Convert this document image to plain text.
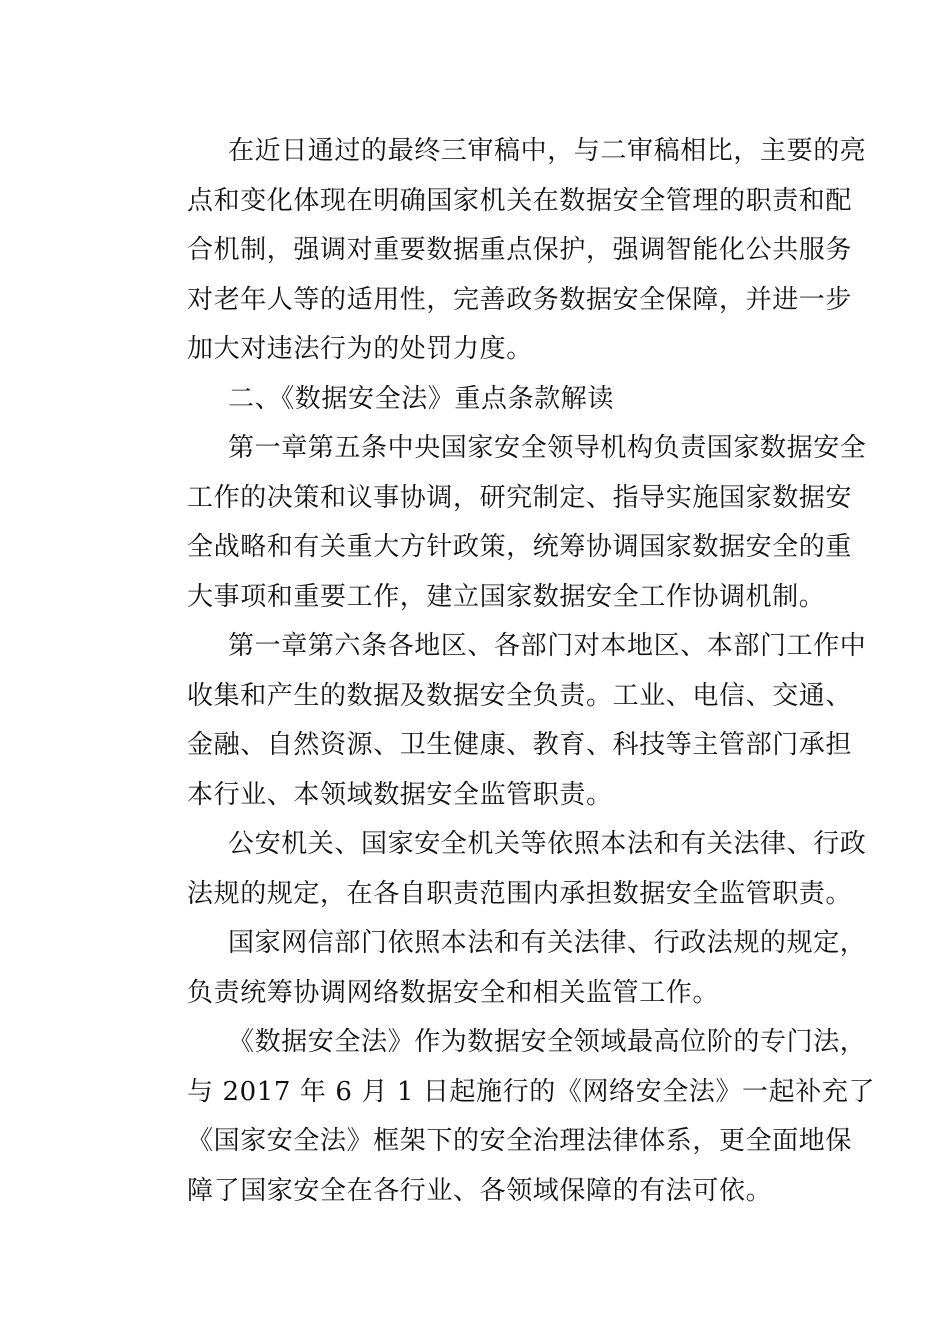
在近日通过的最终三审稿中，与二审稿相比，主要的亮
点和变化体现在明确国家机关在数据安全管理的职责和配
合机制，强调对重要数据重点保护，强调智能化公共服务
对老年人等的适用性，完善政务数据安全保障，并进一步
加大对违法行为的处罚力度。
二、《数据安全法》重点条款解读
第一章第五条中央国家安全领导机构负责国家数据安全
工作的决策和议事协调，研究制定、指导实施国家数据安
全战略和有关重大方针政策，统筹协调国家数据安全的重
大事项和重要工作，建立国家数据安全工作协调机制。
第一章第六条各地区、各部门对本地区、本部门工作中
收集和产生的数据及数据安全负责。工业、电信、交通、
金融、自然资源、卫生健康、教育、科技等主管部门承担
本行业、本领域数据安全监管职责。
公安机关、国家安全机关等依照本法和有关法律、行政
法规的规定，在各自职责范围内承担数据安全监管职责。
国家网信部门依照本法和有关法律、行政法规的规定，
负责统筹协调网络数据安全和相关监管工作。
《数据安全法》作为数据安全领域最高位阶的专门法，
与 2017 年 6 月 1 日起施行的《网络安全法》一起补充了
《国家安全法》框架下的安全治理法律体系，更全面地保
障了国家安全在各行业、各领域保障的有法可依。
